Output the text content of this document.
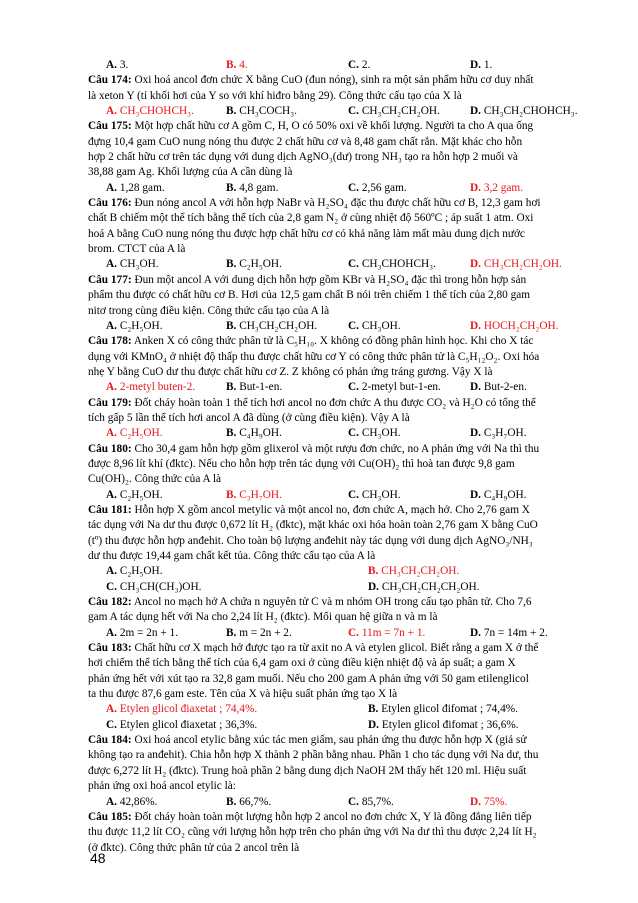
A. 3.	B. 4.	C. 2.	D. 1.
Câu 174: Oxi hoá ancol đơn chức X bằng CuO (đun nóng), sinh ra một sản phẩm hữu cơ duy nhất
là xeton Y (tỉ khối hơi của Y so với khí hiđro bằng 29). Công thức cấu tạo của X là
A. CH₃CHOHCH₃.	B. CH₃COCH₃.	C. CH₃CH₂CH₂OH.	D. CH₃CH₂CHOHCH₃.
Câu 175: Một hợp chất hữu cơ A gồm C, H, O có 50% oxi về khối lượng. Người ta cho A qua ống
đựng 10,4 gam CuO nung nóng thu được 2 chất hữu cơ và 8,48 gam chất rắn. Mặt khác cho hỗn
hợp 2 chất hữu cơ trên tác dụng với dung dịch AgNO₃(dư) trong NH₃ tạo ra hỗn hợp 2 muối và
38,88 gam Ag. Khối lượng của A cần dùng là
A. 1,28 gam.	B. 4,8 gam.	C. 2,56 gam.	D. 3,2 gam.
Câu 176: Đun nóng ancol A với hỗn hợp NaBr và H₂SO₄ đặc thu được chất hữu cơ B, 12,3 gam hơi
chất B chiếm một thể tích bằng thể tích của 2,8 gam N₂ ở cùng nhiệt độ 560ºC ; áp suất 1 atm. Oxi
hoá A bằng CuO nung nóng thu được hợp chất hữu cơ có khả năng làm mất màu dung dịch nước
brom. CTCT của A là
A. CH₃OH.	B. C₂H₅OH.	C. CH₃CHOHCH₃.	D. CH₃CH₂CH₂OH.
Câu 177: Đun một ancol A với dung dịch hỗn hợp gồm KBr và H₂SO₄ đặc thì trong hỗn hợp sản
phẩm thu được có chất hữu cơ B. Hơi của 12,5 gam chất B nói trên chiếm 1 thể tích của 2,80 gam
nitơ trong cùng điều kiện. Công thức cấu tạo của A là
A. C₂H₅OH.	B. CH₃CH₂CH₂OH.	C. CH₃OH.	D. HOCH₂CH₂OH.
Câu 178: Anken X có công thức phân tử là C₅H₁₀. X không có đồng phân hình học. Khi cho X tác
dụng với KMnO₄ ở nhiệt độ thấp thu được chất hữu cơ Y có công thức phân tử là C₅H₁₂O₂. Oxi hóa
nhẹ Y bằng CuO dư thu được chất hữu cơ Z. Z không có phản ứng tráng gương. Vậy X là
A. 2-metyl buten-2.	B. But-1-en.	C. 2-metyl but-1-en.	D. But-2-en.
Câu 179: Đốt cháy hoàn toàn 1 thể tích hơi ancol no đơn chức A thu được CO₂ và H₂O có tổng thể
tích gấp 5 lần thể tích hơi ancol A đã dùng (ở cùng điều kiện). Vậy A là
A. C₂H₅OH.	B. C₄H₉OH.	C. CH₃OH.	D. C₃H₇OH.
Câu 180: Cho 30,4 gam hỗn hợp gồm glixerol và một rượu đơn chức, no A phản ứng với Na thì thu
được 8,96 lít khí (đktc). Nếu cho hỗn hợp trên tác dụng với Cu(OH)₂ thì hoà tan được 9,8 gam
Cu(OH)₂. Công thức của A là
A. C₂H₅OH.	B. C₃H₇OH.	C. CH₃OH.	D. C₄H₉OH.
Câu 181: Hỗn hợp X gồm ancol metylic và một ancol no, đơn chức A, mạch hở. Cho 2,76 gam X
tác dụng với Na dư thu được 0,672 lít H₂ (đktc), mặt khác oxi hóa hoàn toàn 2,76 gam X bằng CuO
(tº) thu được hỗn hợp anđehit. Cho toàn bộ lượng anđehit này tác dụng với dung dịch AgNO₃/NH₃
dư thu được 19,44 gam chất kết tủa. Công thức cấu tạo của A là
A. C₂H₅OH.	B. CH₃CH₂CH₂OH.
C. CH₃CH(CH₃)OH.	D. CH₃CH₂CH₂CH₂OH.
Câu 182: Ancol no mạch hở A chứa n nguyên tử C và m nhóm OH trong cấu tạo phân tử. Cho 7,6
gam A tác dụng hết với Na cho 2,24 lít H₂ (đktc). Mối quan hệ giữa n và m là
A. 2m = 2n + 1.	B. m = 2n + 2.	C. 11m = 7n + 1.	D. 7n = 14m + 2.
Câu 183: Chất hữu cơ X mạch hở được tạo ra từ axit no A và etylen glicol. Biết rằng a gam X ở thể
hơi chiếm thể tích bằng thể tích của 6,4 gam oxi ở cùng điều kiện nhiệt độ và áp suất; a gam X
phản ứng hết với xút tạo ra 32,8 gam muối. Nếu cho 200 gam A phản ứng với 50 gam etilenglicol
ta thu được 87,6 gam este. Tên của X và hiệu suất phản ứng tạo X là
A. Etylen glicol điaxetat ; 74,4%.	B. Etylen glicol đifomat ; 74,4%.
C. Etylen glicol điaxetat ; 36,3%.	D. Etylen glicol đifomat ; 36,6%.
Câu 184: Oxi hoá ancol etylic bằng xúc tác men giấm, sau phản ứng thu được hỗn hợp X (giả sử
không tạo ra anđehit). Chia hỗn hợp X thành 2 phần bằng nhau. Phần 1 cho tác dụng với Na dư, thu
được 6,272 lít H₂ (đktc). Trung hoà phần 2 bằng dung dịch NaOH 2M thấy hết 120 ml. Hiệu suất
phản ứng oxi hoá ancol etylic là:
A. 42,86%.	B. 66,7%.	C. 85,7%.	D. 75%.
Câu 185: Đốt cháy hoàn toàn một lượng hỗn hợp 2 ancol no đơn chức X, Y là đồng đẳng liên tiếp
thu được 11,2 lít CO₂ cũng với lượng hỗn hợp trên cho phản ứng với Na dư thì thu được 2,24 lít H₂
(ở đktc). Công thức phân tử của 2 ancol trên là
48
